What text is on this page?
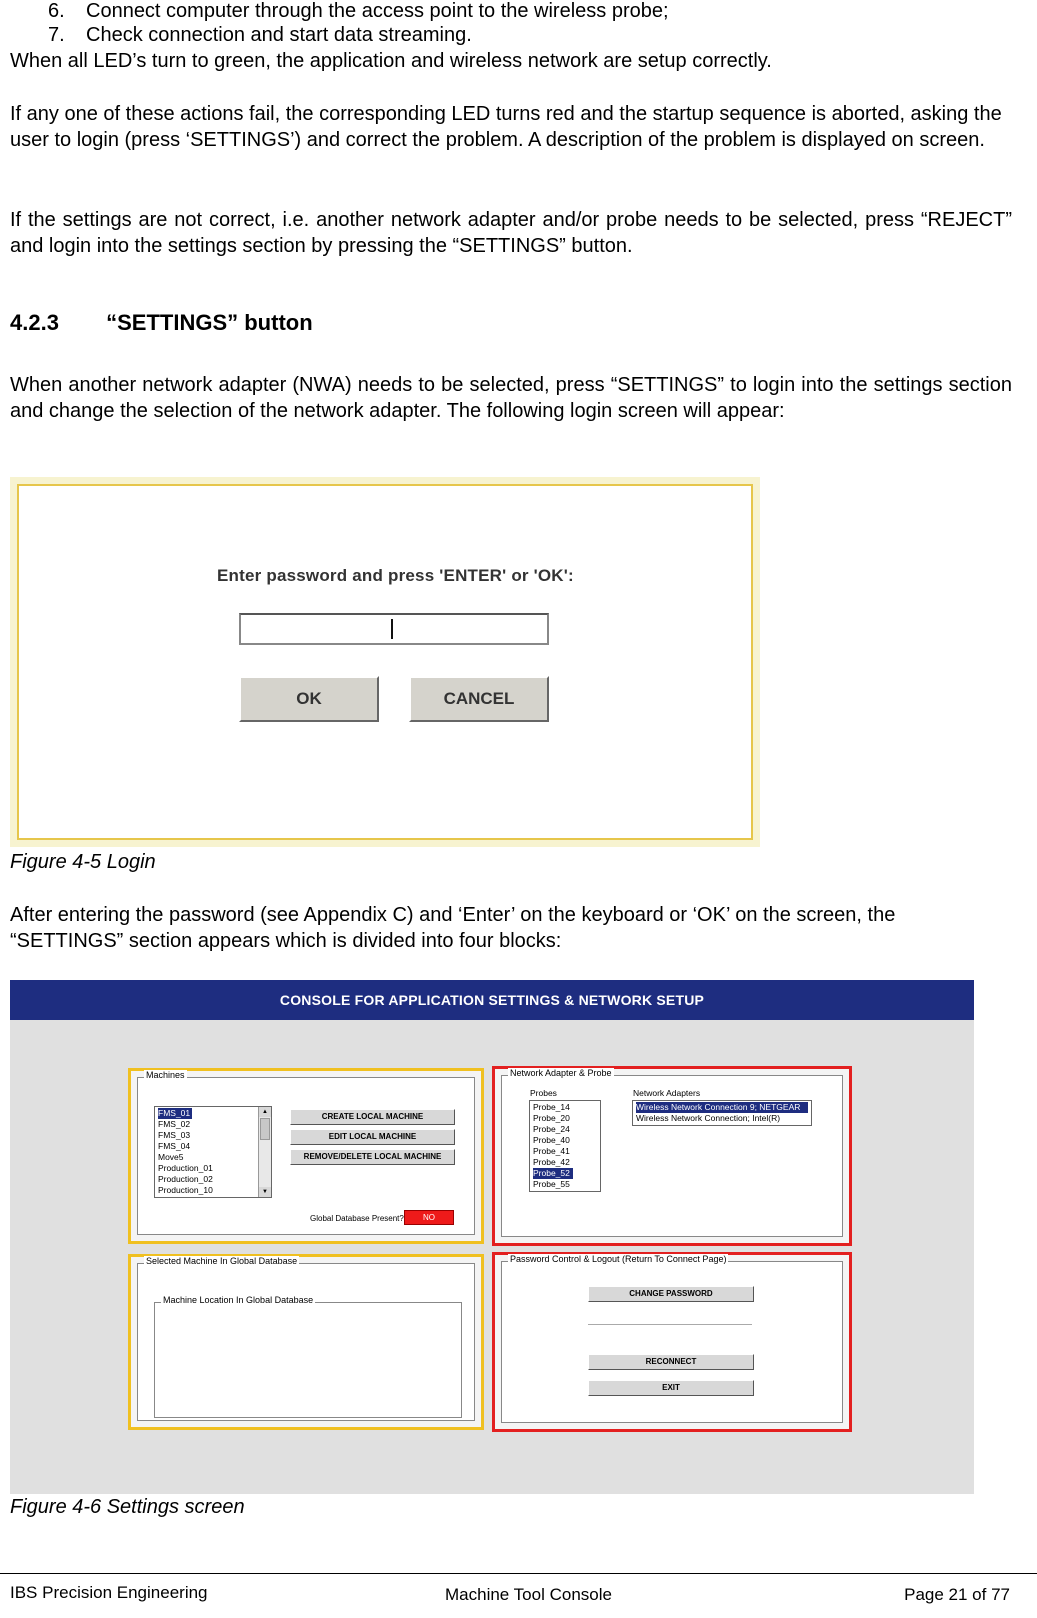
6. Connect computer through the access point to the wireless probe;
7. Check connection and start data streaming.
When all LED’s turn to green, the application and wireless network are setup correctly.
If any one of these actions fail, the corresponding LED turns red and the startup sequence is aborted, asking the user to login (press ‘SETTINGS’) and correct the problem. A description of the problem is displayed on screen.
If the settings are not correct, i.e. another network adapter and/or probe needs to be selected, press “REJECT” and login into the settings section by pressing the “SETTINGS” button.
4.2.3 “SETTINGS” button
When another network adapter (NWA) needs to be selected, press “SETTINGS” to login into the settings section and change the selection of the network adapter. The following login screen will appear:
Enter password and press 'ENTER' or 'OK':
OK	CANCEL
Figure 4-5 Login
After entering the password (see Appendix C) and ‘Enter’ on the keyboard or ‘OK’ on the screen, the “SETTINGS” section appears which is divided into four blocks:
CONSOLE FOR APPLICATION SETTINGS & NETWORK SETUP
Machines
FMS_01
FMS_02
FMS_03
FMS_04
Move5
Production_01
Production_02
Production_10
▲
▼
CREATE LOCAL MACHINE
EDIT LOCAL MACHINE
REMOVE/DELETE LOCAL MACHINE
Global Database Present?	NO
Network Adapter & Probe
Probes	Network Adapters
Probe_14
Probe_20
Probe_24
Probe_40
Probe_41
Probe_42
Probe_52
Probe_55
Wireless Network Connection 9; NETGEAR
Wireless Network Connection; Intel(R)
Selected Machine In Global Database
Machine Location In Global Database
Password Control & Logout (Return To Connect Page)
CHANGE PASSWORD
RECONNECT
EXIT
Figure 4-6 Settings screen
IBS Precision Engineering	Machine Tool Console	Page 21 of 77
